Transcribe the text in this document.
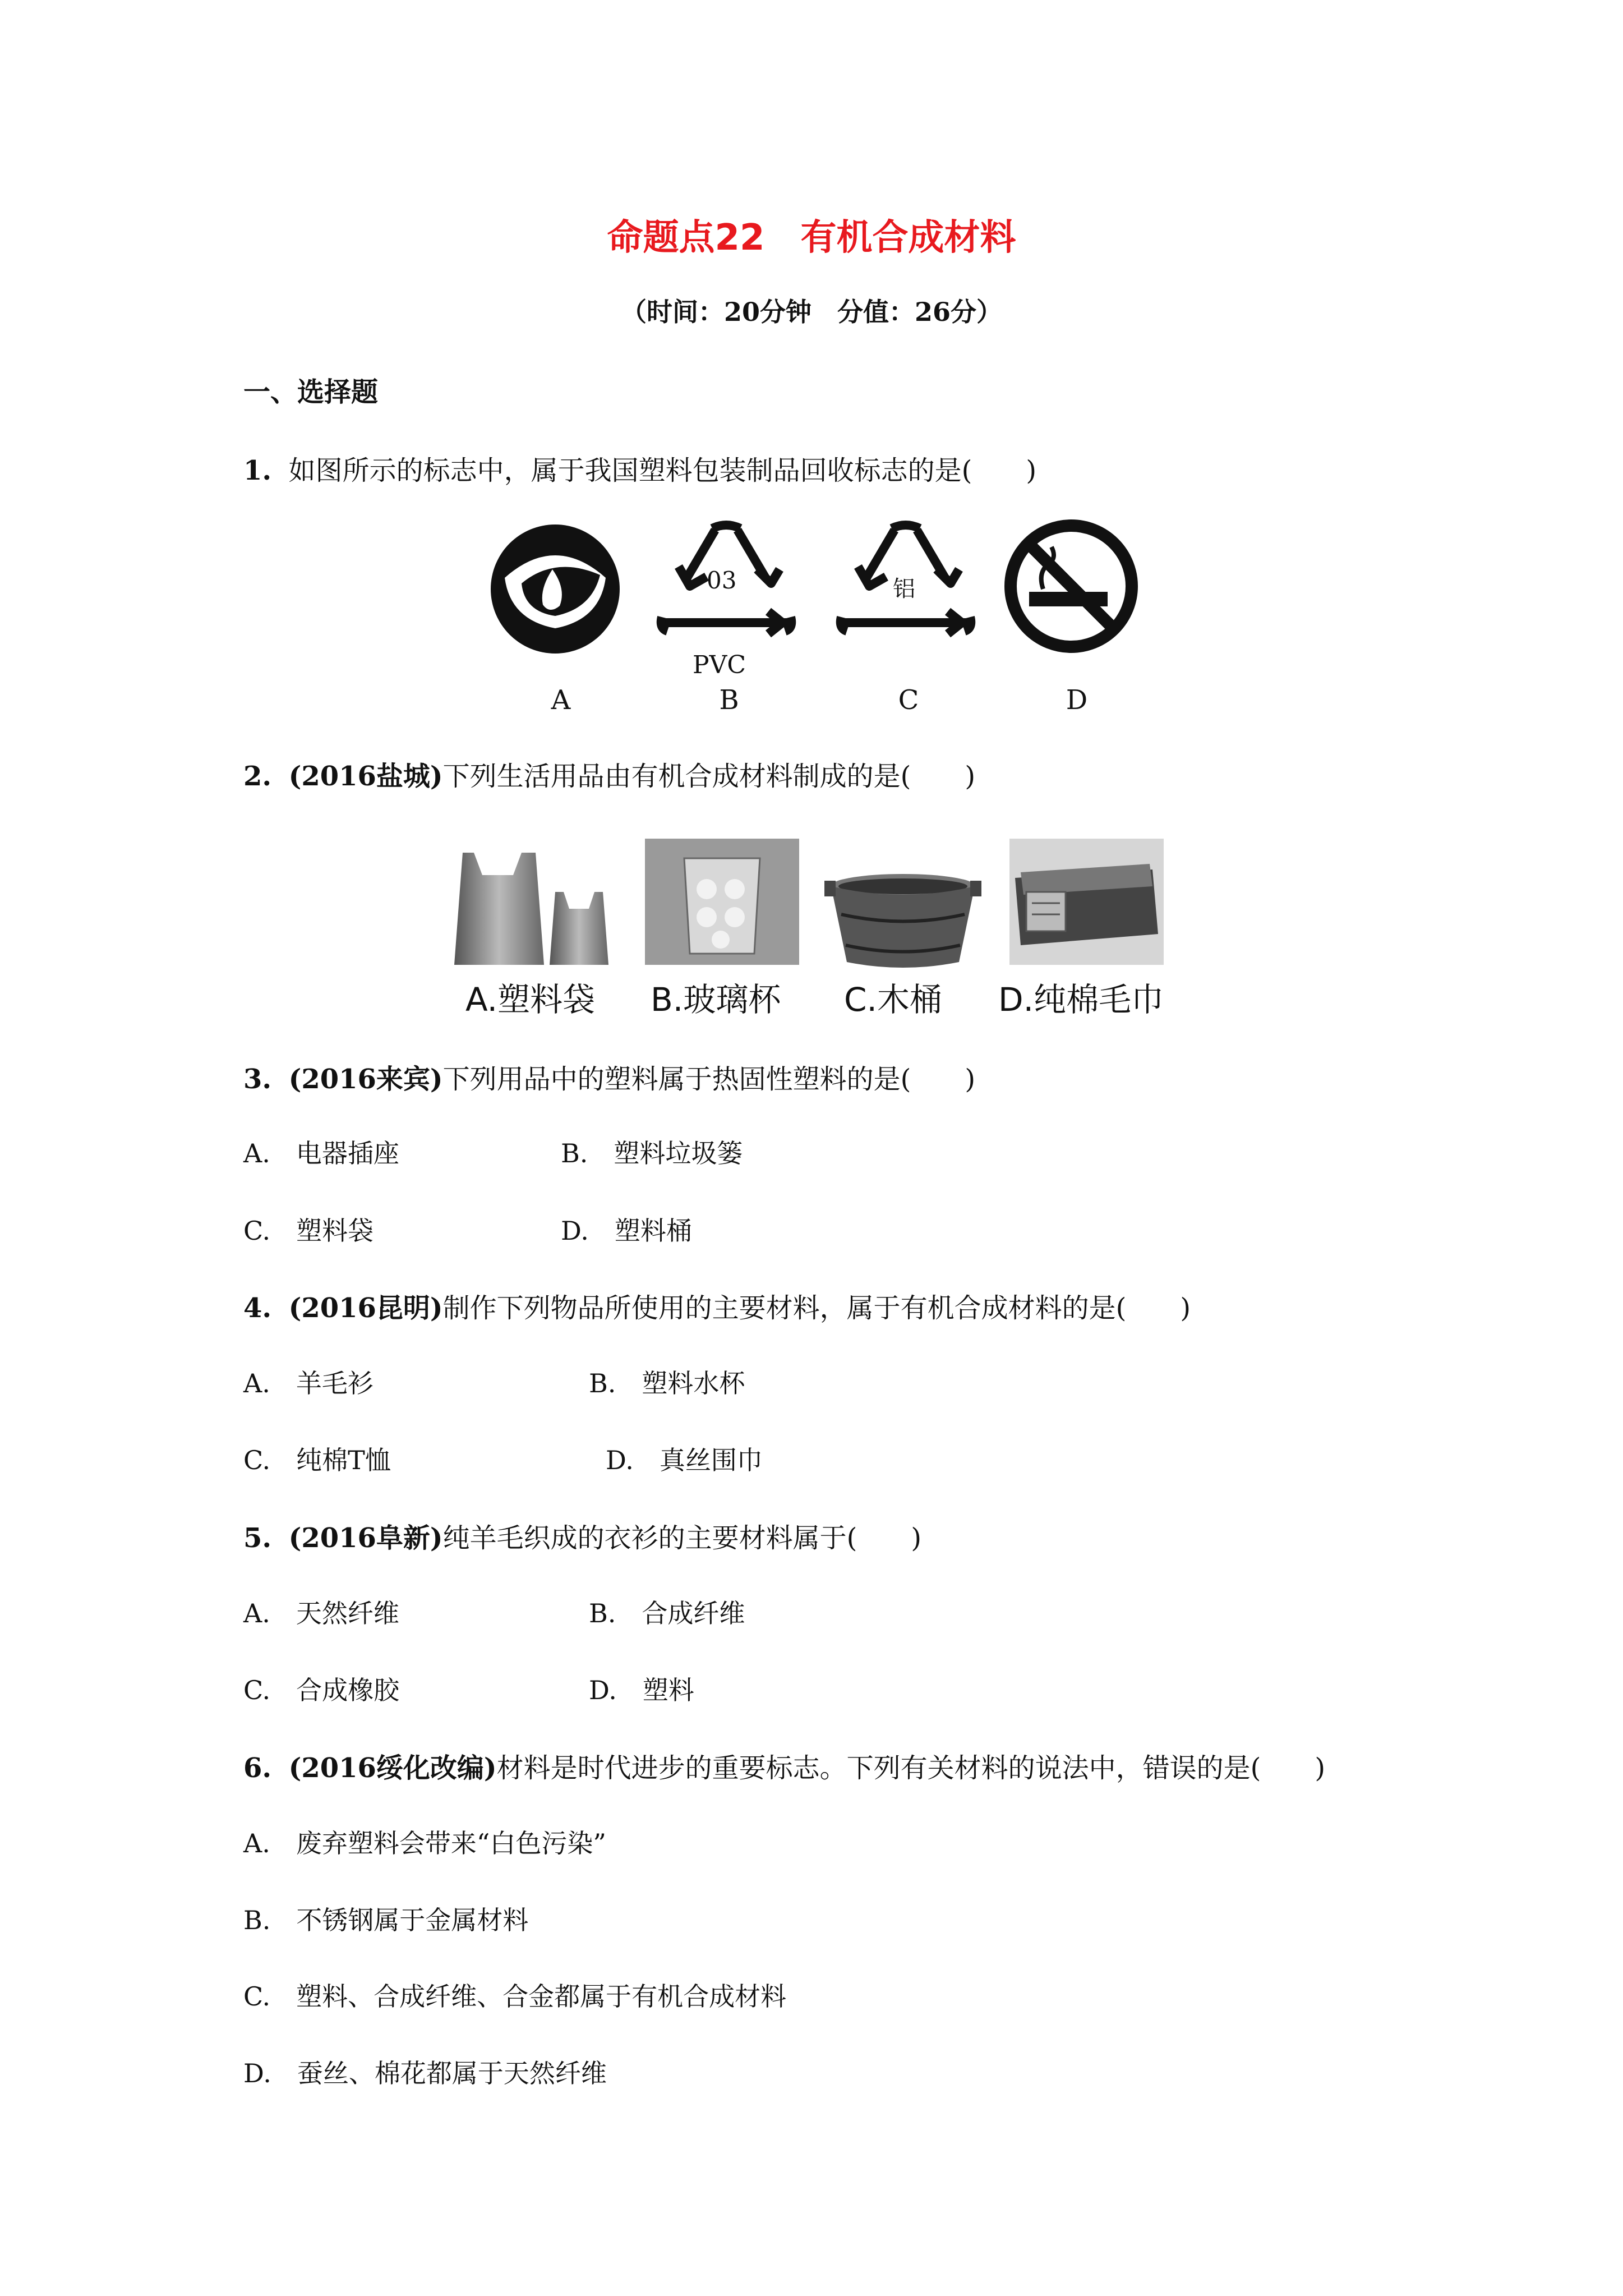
命题点22　有机合成材料
（时间：20分钟　分值：26分）
一、选择题
1. 如图所示的标志中，属于我国塑料包装制品回收标志的是(　　)
03
PVC
铝
A	B	C	D
2. (2016盐城)下列生活用品由有机合成材料制成的是(　　)
A.塑料袋 B.玻璃杯 C.木桶 D.纯棉毛巾
3. (2016来宾)下列用品中的塑料属于热固性塑料的是(　　)
A.　电器插座	B.　塑料垃圾篓
C.　塑料袋	D.　塑料桶
4. (2016昆明)制作下列物品所使用的主要材料，属于有机合成材料的是(　　)
A.　羊毛衫	B.　塑料水杯
C.　纯棉T恤	D.　真丝围巾
5. (2016阜新)纯羊毛织成的衣衫的主要材料属于(　　)
A.　天然纤维	B.　合成纤维
C.　合成橡胶	D.　塑料
6. (2016绥化改编)材料是时代进步的重要标志。下列有关材料的说法中，错误的是(　　)
A.　废弃塑料会带来“白色污染”
B.　不锈钢属于金属材料
C.　塑料、合成纤维、合金都属于有机合成材料
D.　蚕丝、棉花都属于天然纤维
